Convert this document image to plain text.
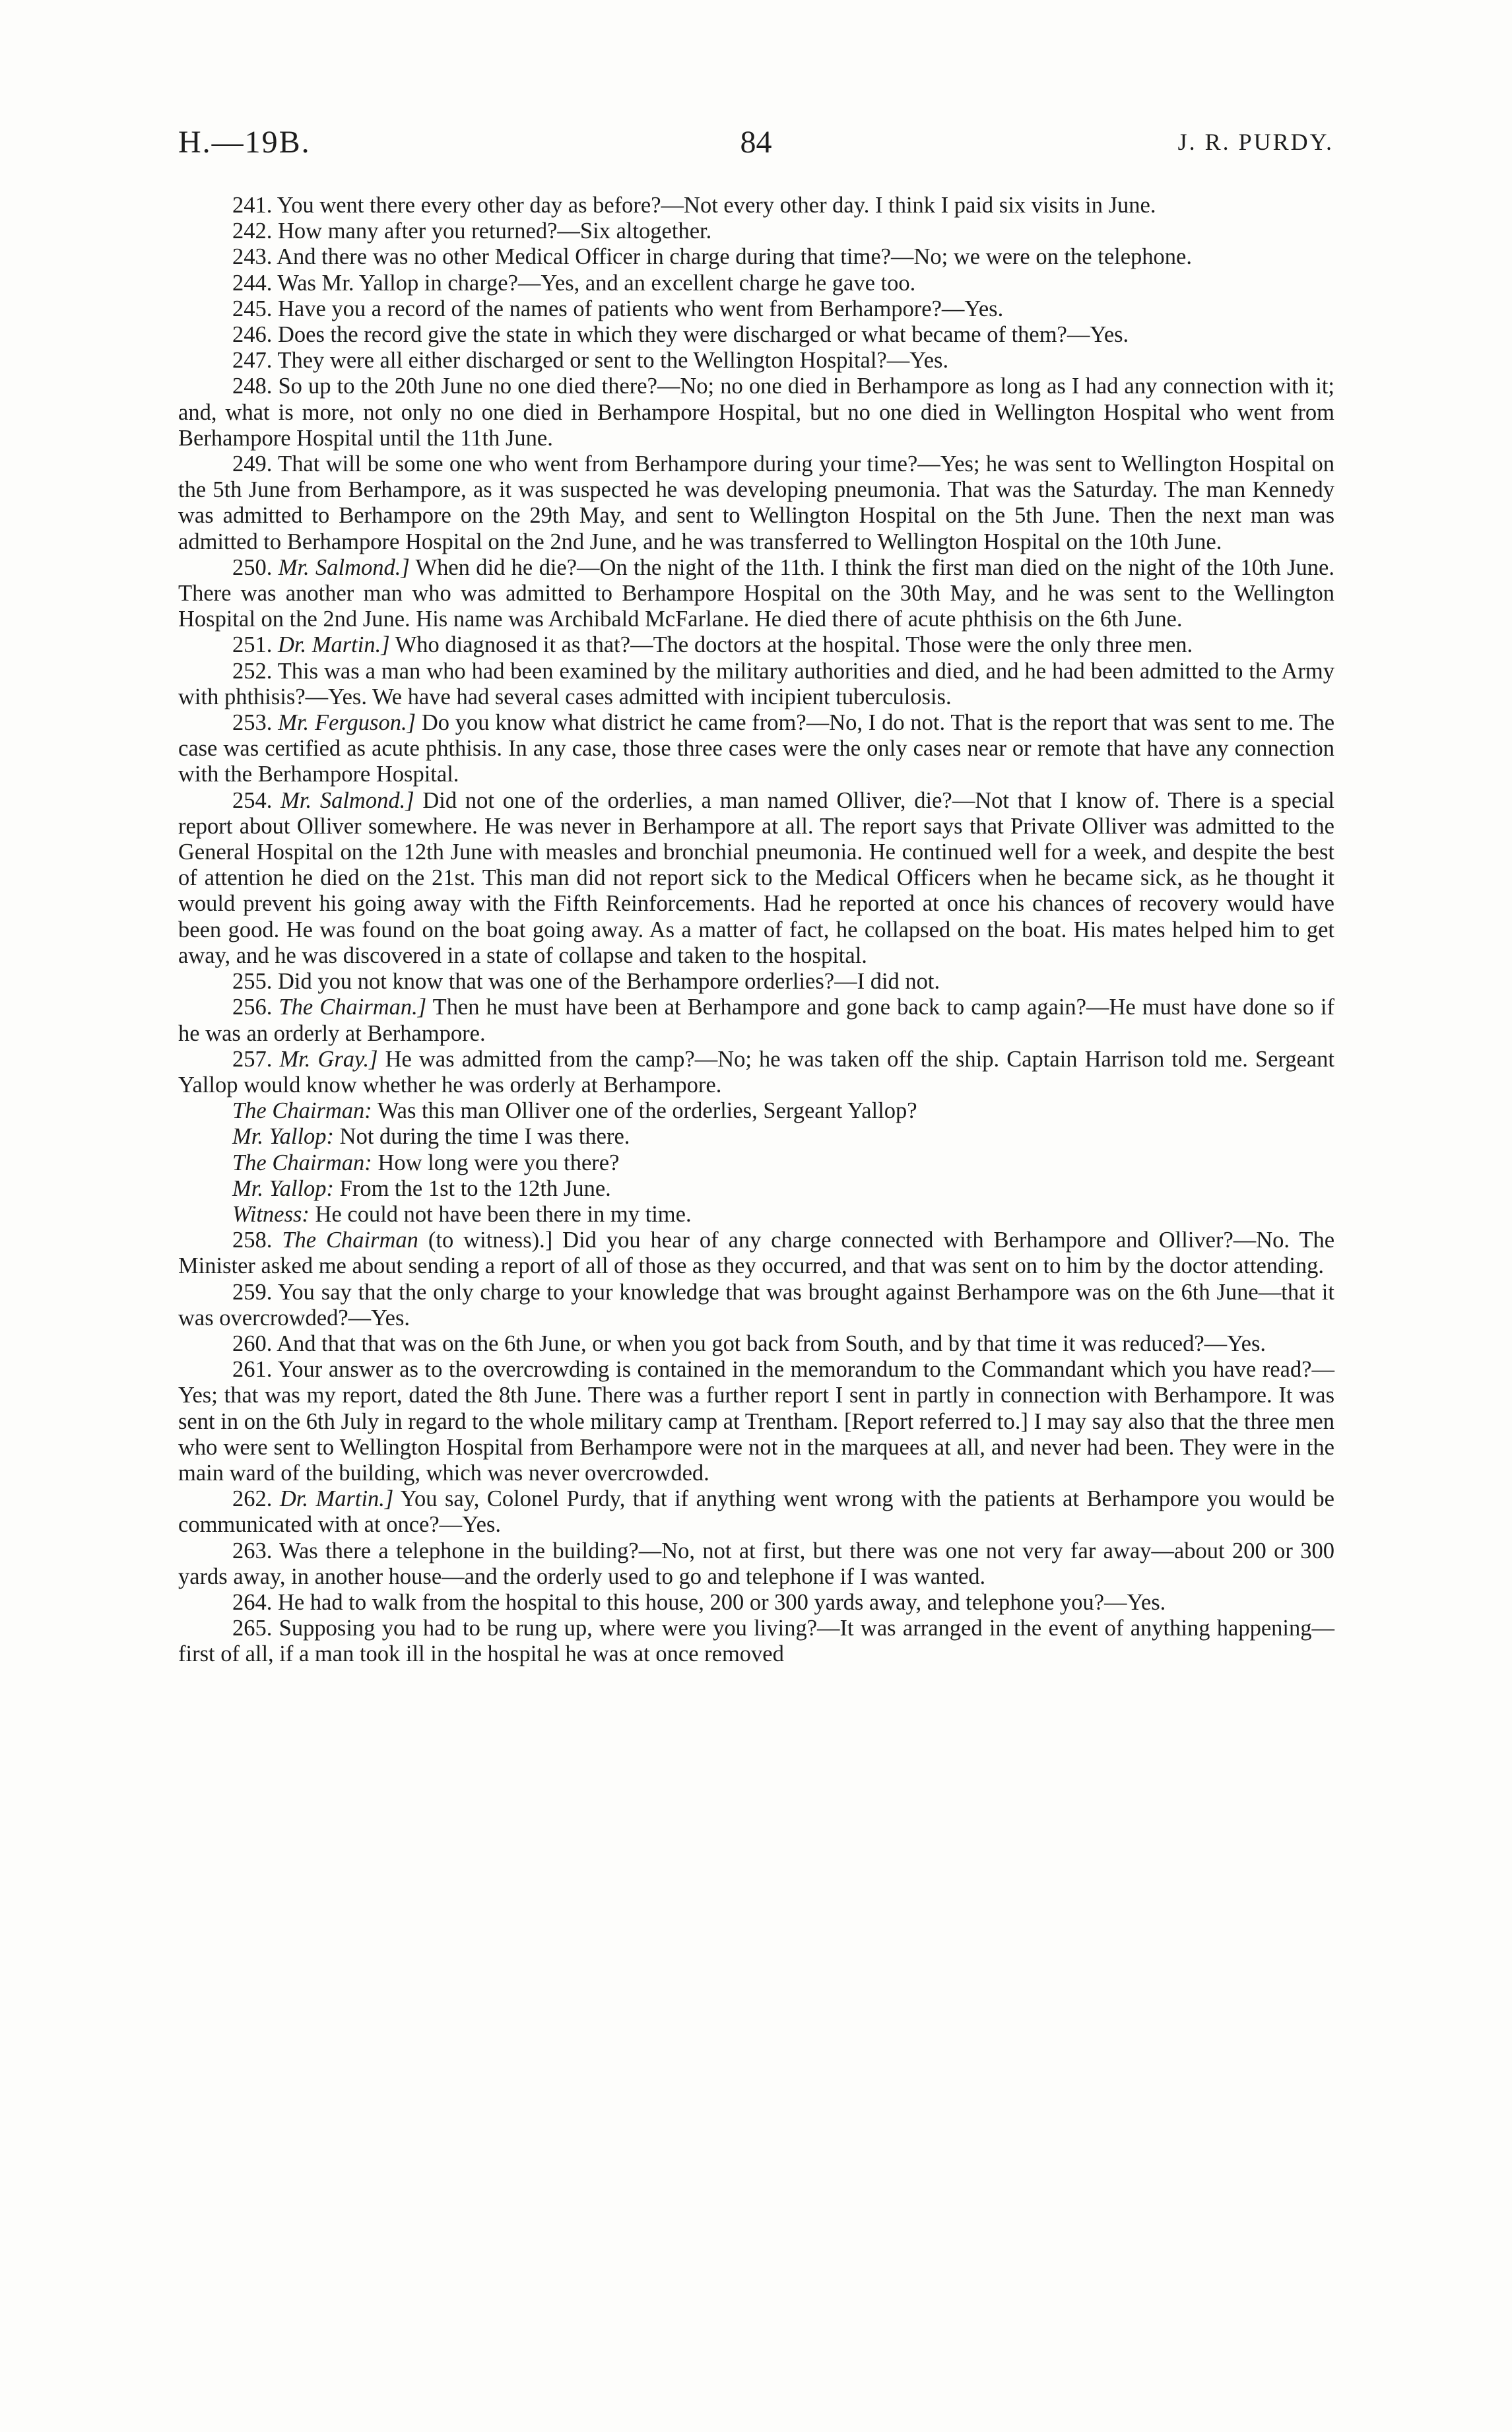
H.—19B.	84	J. R. PURDY.

241. You went there every other day as before?—Not every other day. I think I paid six visits in June.

242. How many after you returned?—Six altogether.

243. And there was no other Medical Officer in charge during that time?—No; we were on the telephone.

244. Was Mr. Yallop in charge?—Yes, and an excellent charge he gave too.

245. Have you a record of the names of patients who went from Berhampore?—Yes.

246. Does the record give the state in which they were discharged or what became of them?—Yes.

247. They were all either discharged or sent to the Wellington Hospital?—Yes.

248. So up to the 20th June no one died there?—No; no one died in Berhampore as long as I had any connection with it; and, what is more, not only no one died in Berhampore Hospital, but no one died in Wellington Hospital who went from Berhampore Hospital until the 11th June.

249. That will be some one who went from Berhampore during your time?—Yes; he was sent to Wellington Hospital on the 5th June from Berhampore, as it was suspected he was developing pneumonia. That was the Saturday. The man Kennedy was admitted to Berhampore on the 29th May, and sent to Wellington Hospital on the 5th June. Then the next man was admitted to Berhampore Hospital on the 2nd June, and he was transferred to Wellington Hospital on the 10th June.

250. Mr. Salmond.] When did he die?—On the night of the 11th. I think the first man died on the night of the 10th June. There was another man who was admitted to Berhampore Hospital on the 30th May, and he was sent to the Wellington Hospital on the 2nd June. His name was Archibald McFarlane. He died there of acute phthisis on the 6th June.

251. Dr. Martin.] Who diagnosed it as that?—The doctors at the hospital. Those were the only three men.

252. This was a man who had been examined by the military authorities and died, and he had been admitted to the Army with phthisis?—Yes. We have had several cases admitted with incipient tuberculosis.

253. Mr. Ferguson.] Do you know what district he came from?—No, I do not. That is the report that was sent to me. The case was certified as acute phthisis. In any case, those three cases were the only cases near or remote that have any connection with the Berhampore Hospital.

254. Mr. Salmond.] Did not one of the orderlies, a man named Olliver, die?—Not that I know of. There is a special report about Olliver somewhere. He was never in Berhampore at all. The report says that Private Olliver was admitted to the General Hospital on the 12th June with measles and bronchial pneumonia. He continued well for a week, and despite the best of attention he died on the 21st. This man did not report sick to the Medical Officers when he became sick, as he thought it would prevent his going away with the Fifth Reinforcements. Had he reported at once his chances of recovery would have been good. He was found on the boat going away. As a matter of fact, he collapsed on the boat. His mates helped him to get away, and he was discovered in a state of collapse and taken to the hospital.

255. Did you not know that was one of the Berhampore orderlies?—I did not.

256. The Chairman.] Then he must have been at Berhampore and gone back to camp again?—He must have done so if he was an orderly at Berhampore.

257. Mr. Gray.] He was admitted from the camp?—No; he was taken off the ship. Captain Harrison told me. Sergeant Yallop would know whether he was orderly at Berhampore.

The Chairman: Was this man Olliver one of the orderlies, Sergeant Yallop?

Mr. Yallop: Not during the time I was there.

The Chairman: How long were you there?

Mr. Yallop: From the 1st to the 12th June.

Witness: He could not have been there in my time.

258. The Chairman (to witness).] Did you hear of any charge connected with Berhampore and Olliver?—No. The Minister asked me about sending a report of all of those as they occurred, and that was sent on to him by the doctor attending.

259. You say that the only charge to your knowledge that was brought against Berhampore was on the 6th June—that it was overcrowded?—Yes.

260. And that that was on the 6th June, or when you got back from South, and by that time it was reduced?—Yes.

261. Your answer as to the overcrowding is contained in the memorandum to the Commandant which you have read?—Yes; that was my report, dated the 8th June. There was a further report I sent in partly in connection with Berhampore. It was sent in on the 6th July in regard to the whole military camp at Trentham. [Report referred to.] I may say also that the three men who were sent to Wellington Hospital from Berhampore were not in the marquees at all, and never had been. They were in the main ward of the building, which was never overcrowded.

262. Dr. Martin.] You say, Colonel Purdy, that if anything went wrong with the patients at Berhampore you would be communicated with at once?—Yes.

263. Was there a telephone in the building?—No, not at first, but there was one not very far away—about 200 or 300 yards away, in another house—and the orderly used to go and telephone if I was wanted.

264. He had to walk from the hospital to this house, 200 or 300 yards away, and telephone you?—Yes.

265. Supposing you had to be rung up, where were you living?—It was arranged in the event of anything happening—first of all, if a man took ill in the hospital he was at once removed
